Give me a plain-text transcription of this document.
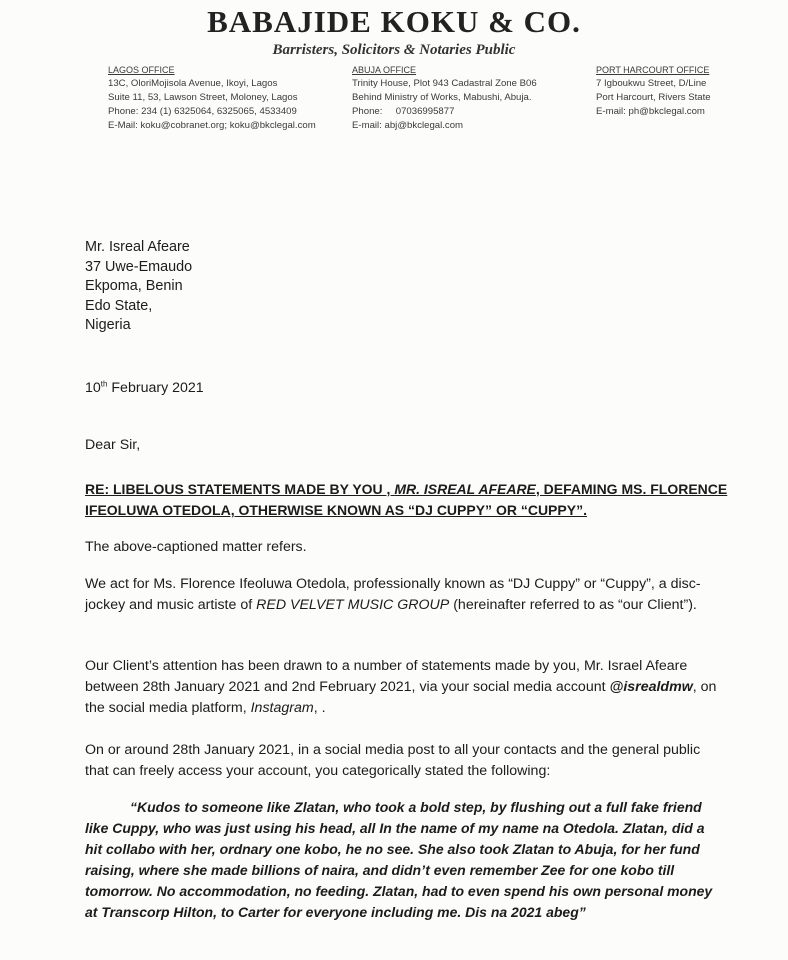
BABAJIDE KOKU & CO.
Barristers, Solicitors & Notaries Public
LAGOS OFFICE
13C, OloriMojisola Avenue, Ikoyi, Lagos
Suite 11, 53, Lawson Street, Moloney, Lagos
Phone: 234 (1) 6325064, 6325065, 4533409
E-Mail: koku@cobranet.org; koku@bkclegal.com
ABUJA OFFICE
Trinity House, Plot 943 Cadastral Zone B06
Behind Ministry of Works, Mabushi, Abuja.
Phone:     07036995877
E-mail: abj@bkclegal.com
PORT HARCOURT OFFICE
7 Igboukwu Street, D/Line
Port Harcourt, Rivers State
E-mail: ph@bkclegal.com
Mr. Isreal Afeare
37 Uwe-Emaudo
Ekpoma, Benin
Edo State,
Nigeria
10th February 2021
Dear Sir,
RE: LIBELOUS STATEMENTS MADE BY YOU , MR. ISREAL AFEARE, DEFAMING MS. FLORENCE IFEOLUWA OTEDOLA, OTHERWISE KNOWN AS “DJ CUPPY” OR “CUPPY”.
The above-captioned matter refers.
We act for Ms. Florence Ifeoluwa Otedola, professionally known as “DJ Cuppy” or “Cuppy”, a disc-jockey and music artiste of RED VELVET MUSIC GROUP (hereinafter referred to as “our Client”).
Our Client’s attention has been drawn to a number of statements made by you, Mr. Israel Afeare between 28th January 2021 and 2nd February 2021, via your social media account @isrealdmw, on the social media platform, Instagram, .
On or around 28th January 2021, in a social media post to all your contacts and the general public that can freely access your account, you categorically stated the following:
“Kudos to someone like Zlatan, who took a bold step, by flushing out a full fake friend like Cuppy, who was just using his head, all In the name of my name na Otedola. Zlatan, did a hit collabo with her, ordnary one kobo, he no see. She also took Zlatan to Abuja, for her fund raising, where she made billions of naira, and didn’t even remember Zee for one kobo till tomorrow. No accommodation, no feeding. Zlatan, had to even spend his own personal money at Transcorp Hilton, to Carter for everyone including me. Dis na 2021 abeg”
